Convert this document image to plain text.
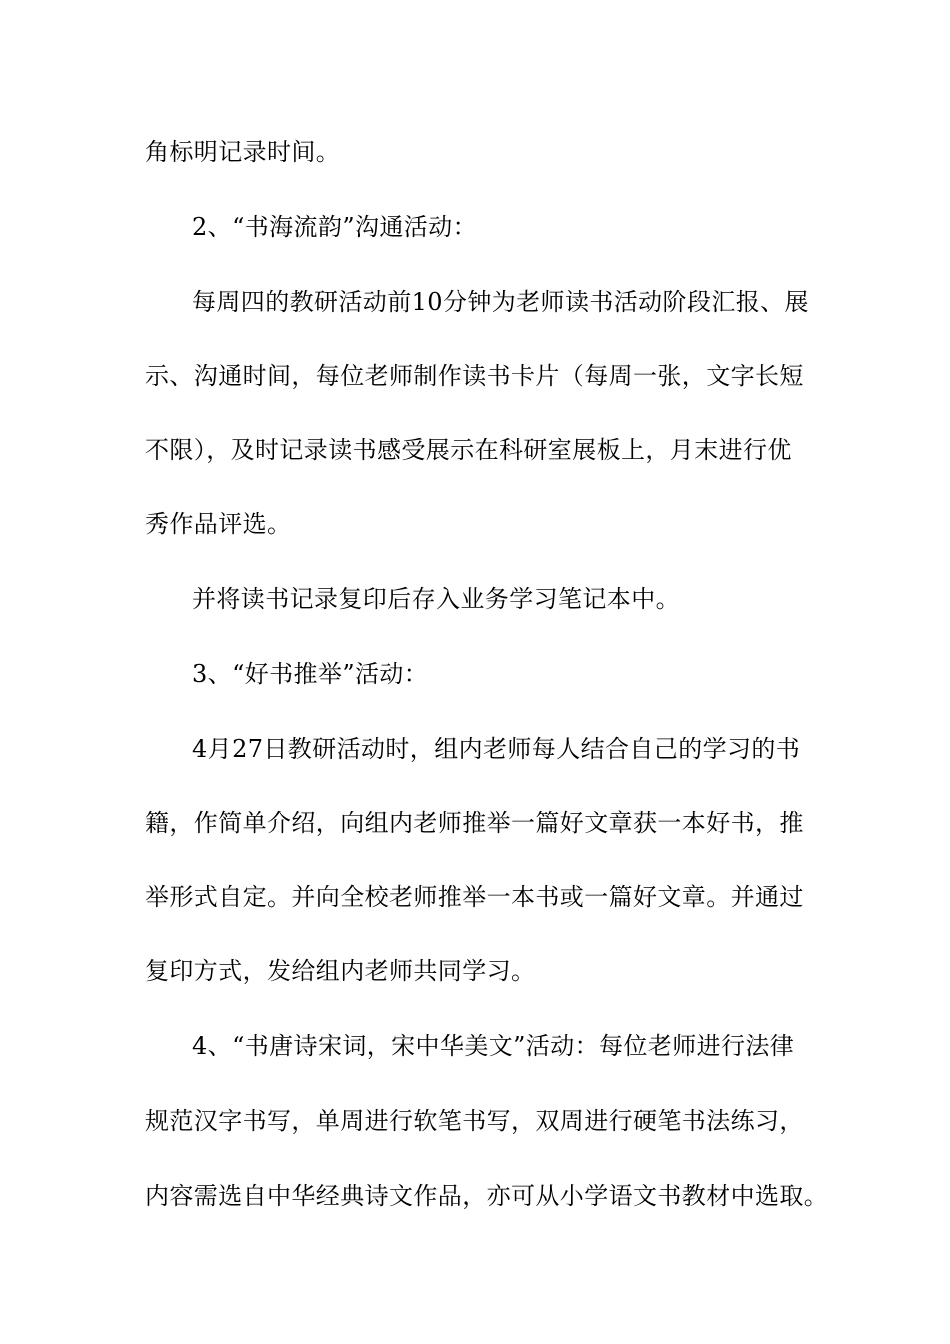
角标明记录时间。
2、“书海流韵”沟通活动：
每周四的教研活动前10分钟为老师读书活动阶段汇报、展
示、沟通时间，每位老师制作读书卡片（每周一张，文字长短
不限），及时记录读书感受展示在科研室展板上，月末进行优
秀作品评选。
并将读书记录复印后存入业务学习笔记本中。
3、“好书推举”活动：
4月27日教研活动时，组内老师每人结合自己的学习的书
籍，作简单介绍，向组内老师推举一篇好文章获一本好书，推
举形式自定。并向全校老师推举一本书或一篇好文章。并通过
复印方式，发给组内老师共同学习。
4、“书唐诗宋词，宋中华美文”活动：每位老师进行法律
规范汉字书写，单周进行软笔书写，双周进行硬笔书法练习，
内容需选自中华经典诗文作品，亦可从小学语文书教材中选取。
